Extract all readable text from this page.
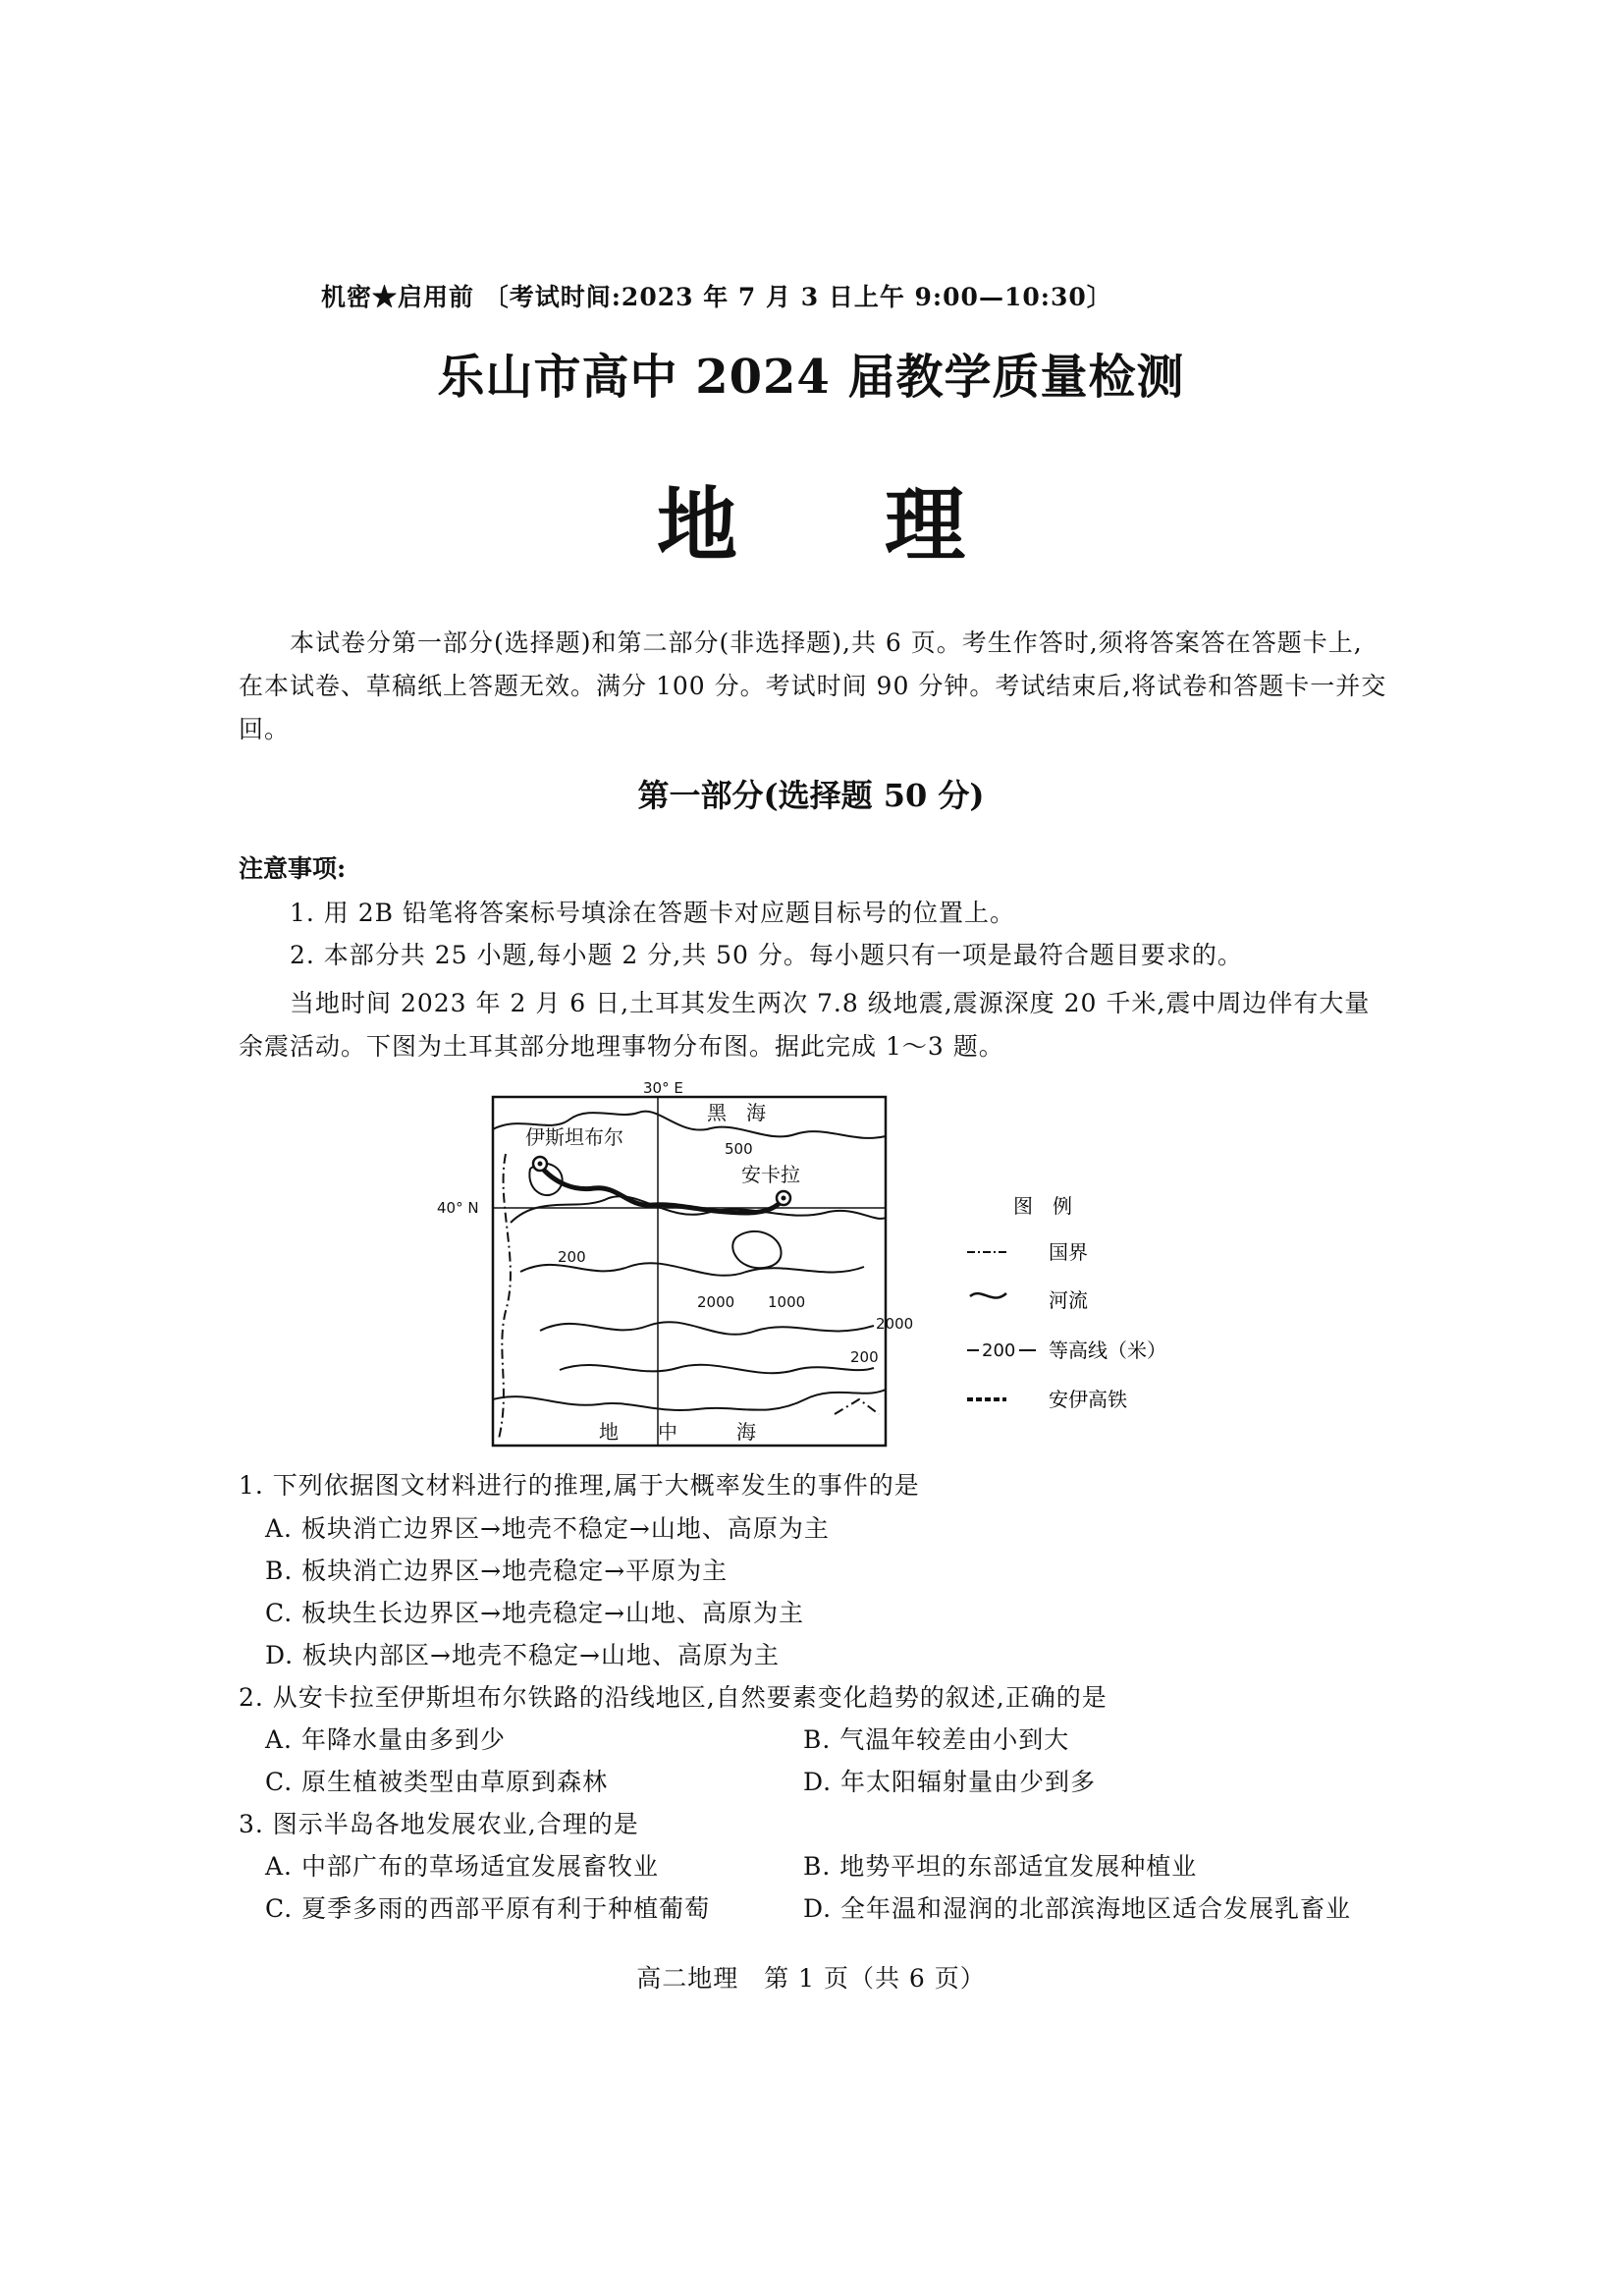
机密★启用前 〔考试时间:2023 年 7 月 3 日上午 9:00—10:30〕
乐山市高中 2024 届教学质量检测
地理
本试卷分第一部分(选择题)和第二部分(非选择题),共 6 页。考生作答时,须将答案答在答题卡上,在本试卷、草稿纸上答题无效。满分 100 分。考试时间 90 分钟。考试结束后,将试卷和答题卡一并交回。
第一部分(选择题 50 分)
注意事项:
1. 用 2B 铅笔将答案标号填涂在答题卡对应题目标号的位置上。
2. 本部分共 25 小题,每小题 2 分,共 50 分。每小题只有一项是最符合题目要求的。
当地时间 2023 年 2 月 6 日,土耳其发生两次 7.8 级地震,震源深度 20 千米,震中周边伴有大量余震活动。下图为土耳其部分地理事物分布图。据此完成 1～3 题。
30° E
40° N
黑　海
伊斯坦布尔
安卡拉
地　　中　　　海
500
200
2000 1000
2000
200
图　例
国界
河流
200 等高线（米）
安伊高铁
1. 下列依据图文材料进行的推理,属于大概率发生的事件的是
A. 板块消亡边界区→地壳不稳定→山地、高原为主
B. 板块消亡边界区→地壳稳定→平原为主
C. 板块生长边界区→地壳稳定→山地、高原为主
D. 板块内部区→地壳不稳定→山地、高原为主
2. 从安卡拉至伊斯坦布尔铁路的沿线地区,自然要素变化趋势的叙述,正确的是
A. 年降水量由多到少	B. 气温年较差由小到大
C. 原生植被类型由草原到森林	D. 年太阳辐射量由少到多
3. 图示半岛各地发展农业,合理的是
A. 中部广布的草场适宜发展畜牧业	B. 地势平坦的东部适宜发展种植业
C. 夏季多雨的西部平原有利于种植葡萄	D. 全年温和湿润的北部滨海地区适合发展乳畜业
高二地理　第 1 页（共 6 页）
